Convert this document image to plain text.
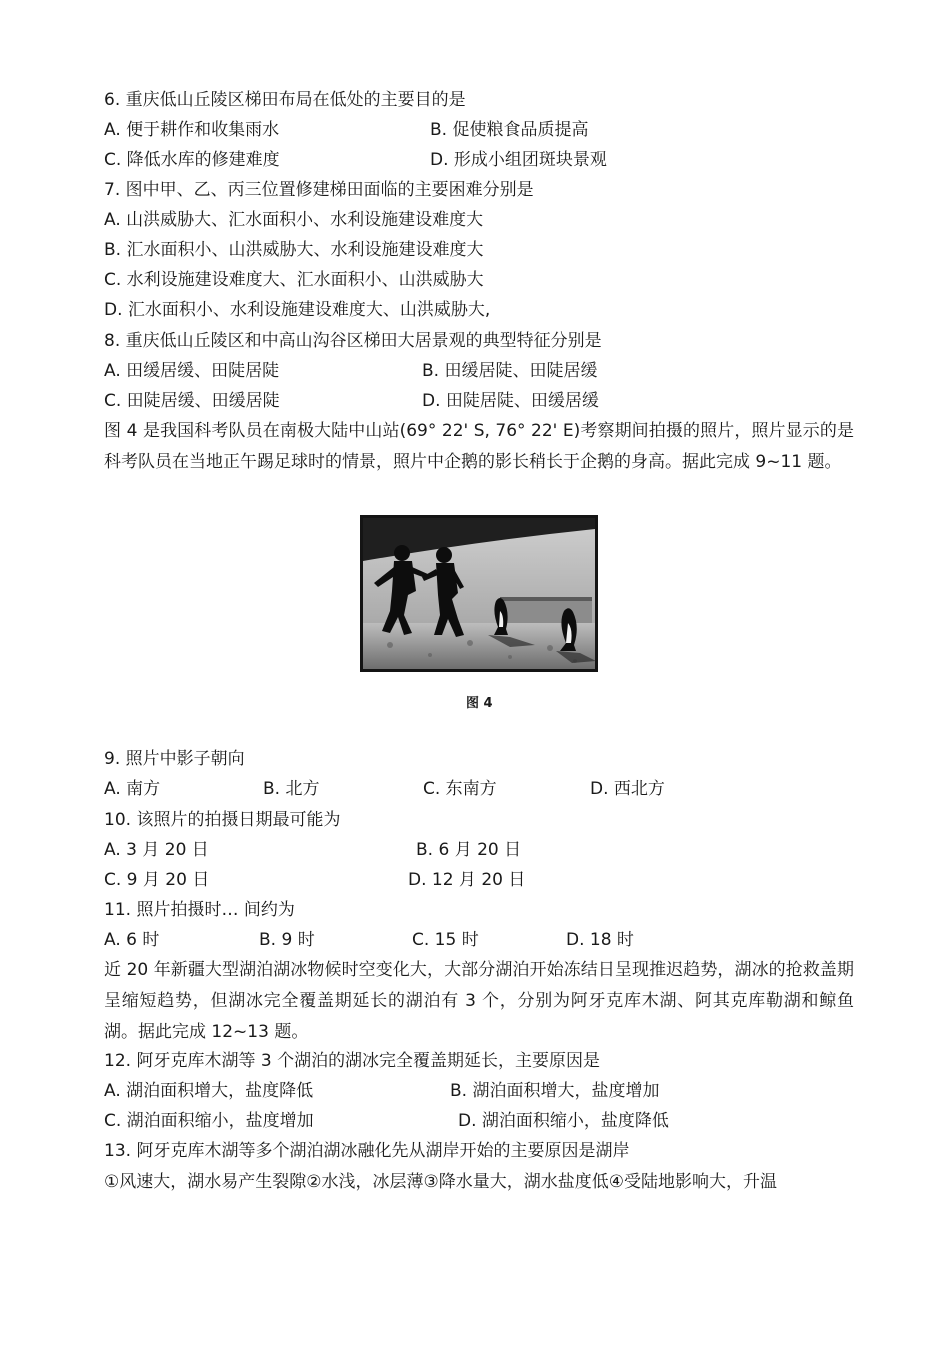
6. 重庆低山丘陵区梯田布局在低处的主要目的是
A. 便于耕作和收集雨水	B. 促使粮食品质提高
C. 降低水库的修建难度	D. 形成小组团斑块景观
7. 图中甲、乙、丙三位置修建梯田面临的主要困难分别是
A. 山洪威胁大、汇水面积小、水利设施建设难度大
B. 汇水面积小、山洪威胁大、水利设施建设难度大
C. 水利设施建设难度大、汇水面积小、山洪威胁大
D. 汇水面积小、水利设施建设难度大、山洪威胁大,
8. 重庆低山丘陵区和中高山沟谷区梯田大居景观的典型特征分别是
A. 田缓居缓、田陡居陡	B. 田缓居陡、田陡居缓
C. 田陡居缓、田缓居陡	D. 田陡居陡、田缓居缓
图 4 是我国科考队员在南极大陆中山站(69° 22' S, 76° 22' E)考察期间拍摄的照片，照片显示的是科考队员在当地正午踢足球时的情景，照片中企鹅的影长稍长于企鹅的身高。据此完成 9~11 题。
图 4
9. 照片中影子朝向
A. 南方	B. 北方	C. 东南方	D. 西北方
10. 该照片的拍摄日期最可能为
A. 3 月 20 日	B. 6 月 20 日
C. 9 月 20 日	D. 12 月 20 日
11. 照片拍摄时… 间约为
A. 6 时	B. 9 时	C. 15 时	D. 18 时
近 20 年新疆大型湖泊湖冰物候时空变化大，大部分湖泊开始冻结日呈现推迟趋势，湖冰的抢救盖期呈缩短趋势，但湖冰完全覆盖期延长的湖泊有 3 个，分别为阿牙克库木湖、阿其克库勒湖和鲸鱼湖。据此完成 12~13 题。
12. 阿牙克库木湖等 3 个湖泊的湖冰完全覆盖期延长，主要原因是
A. 湖泊面积增大，盐度降低	B. 湖泊面积增大，盐度增加
C. 湖泊面积缩小，盐度增加	D. 湖泊面积缩小，盐度降低
13. 阿牙克库木湖等多个湖泊湖冰融化先从湖岸开始的主要原因是湖岸
①风速大，湖水易产生裂隙②水浅，冰层薄③降水量大，湖水盐度低④受陆地影响大，升温
